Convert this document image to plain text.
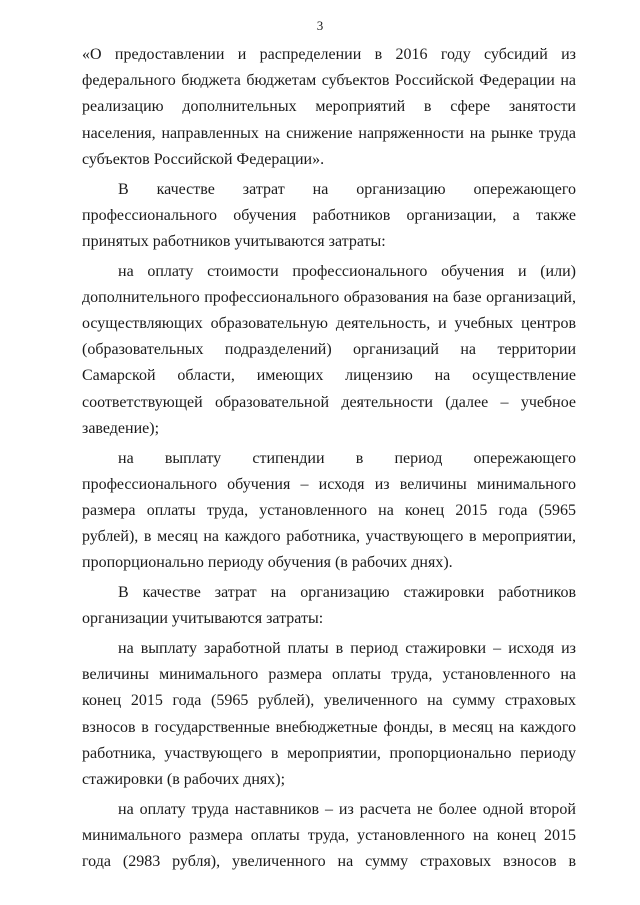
3

«О предоставлении и распределении в 2016 году субсидий из федерального бюджета бюджетам субъектов Российской Федерации на реализацию дополнительных мероприятий в сфере занятости населения, направленных на снижение напряженности на рынке труда субъектов Российской Федерации».

В качестве затрат на организацию опережающего профессионального обучения работников организации, а также принятых работников учитываются затраты:

на оплату стоимости профессионального обучения и (или) дополнительного профессионального образования на базе организаций, осуществляющих образовательную деятельность, и учебных центров (образовательных подразделений) организаций на территории Самарской области, имеющих лицензию на осуществление соответствующей образовательной деятельности (далее – учебное заведение);

на выплату стипендии в период опережающего профессионального обучения – исходя из величины минимального размера оплаты труда, установленного на конец 2015 года (5965 рублей), в месяц на каждого работника, участвующего в мероприятии, пропорционально периоду обучения (в рабочих днях).

В качестве затрат на организацию стажировки работников организации учитываются затраты:

на выплату заработной платы в период стажировки – исходя из величины минимального размера оплаты труда, установленного на конец 2015 года (5965 рублей), увеличенного на сумму страховых взносов в государственные внебюджетные фонды, в месяц на каждого работника, участвующего в мероприятии, пропорционально периоду стажировки (в рабочих днях);

на оплату труда наставников – из расчета не более одной второй минимального размера оплаты труда, установленного на конец 2015 года (2983 рубля), увеличенного на сумму страховых взносов в
